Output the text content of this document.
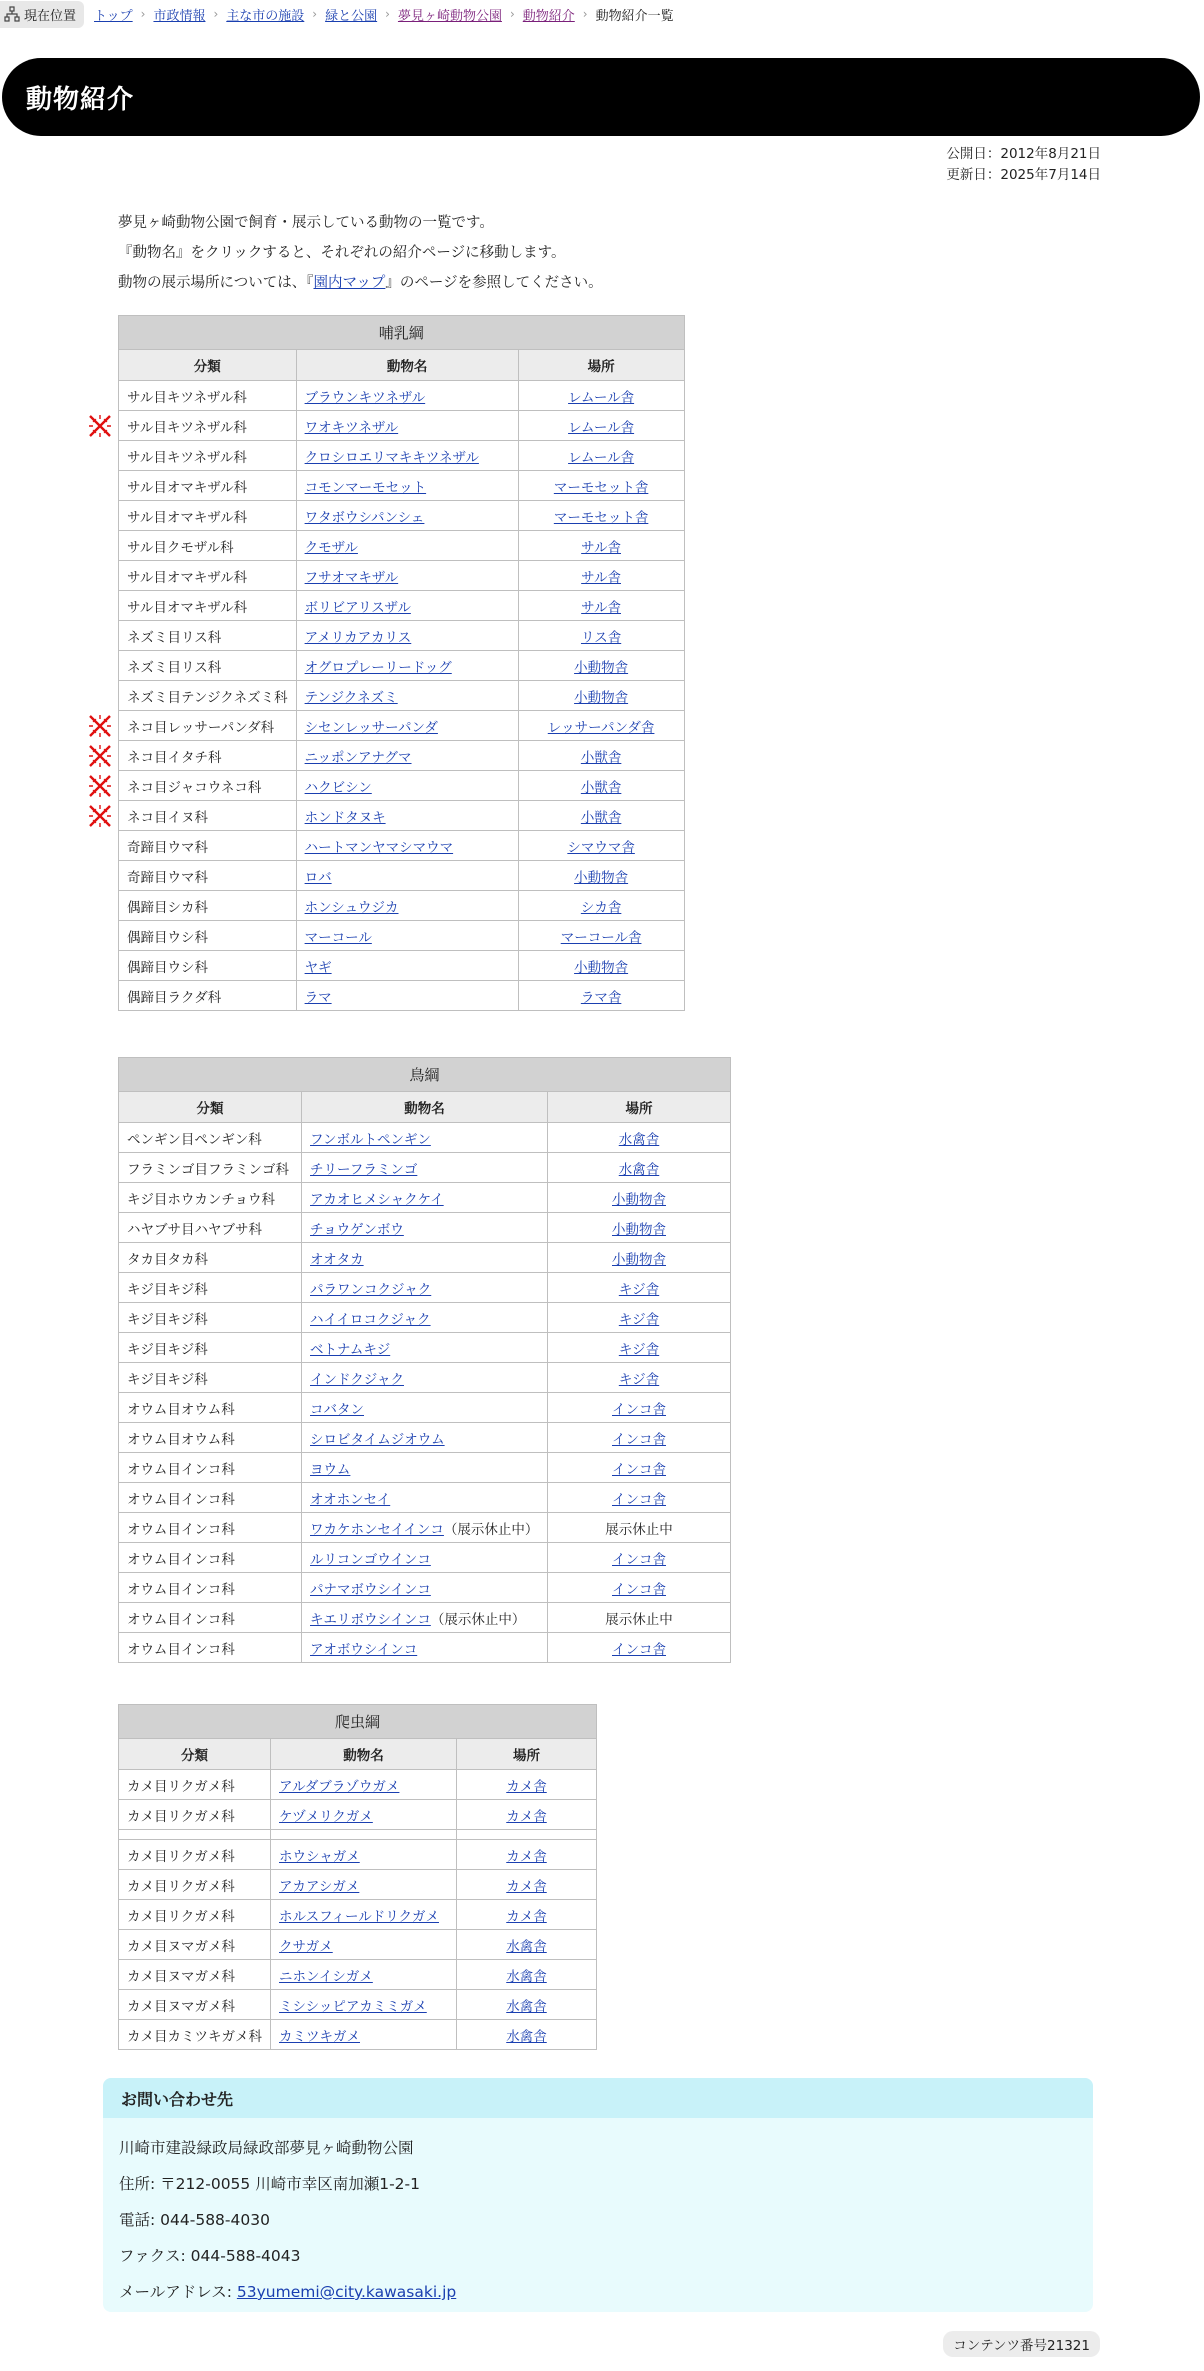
現在位置 トップ › 市政情報 › 主な市の施設 › 緑と公園 › 夢見ヶ崎動物公園 › 動物紹介 › 動物紹介一覧
動物紹介
公開日：2012年8月21日
更新日：2025年7月14日

夢見ヶ崎動物公園で飼育・展示している動物の一覧です。

『動物名』をクリックすると、それぞれの紹介ページに移動します。

動物の展示場所については、『園内マップ』のページを参照してください。

哺乳綱		
分類	動物名	場所
サル目キツネザル科	ブラウンキツネザル	レムール舎
サル目キツネザル科	ワオキツネザル	レムール舎
サル目キツネザル科	クロシロエリマキキツネザル	レムール舎
サル目オマキザル科	コモンマーモセット	マーモセット舎
サル目オマキザル科	ワタボウシパンシェ	マーモセット舎
サル目クモザル科	クモザル	サル舎
サル目オマキザル科	フサオマキザル	サル舎
サル目オマキザル科	ボリビアリスザル	サル舎
ネズミ目リス科	アメリカアカリス	リス舎
ネズミ目リス科	オグロプレーリードッグ	小動物舎
ネズミ目テンジクネズミ科	テンジクネズミ	小動物舎
ネコ目レッサーパンダ科	シセンレッサーパンダ	レッサーパンダ舎
ネコ目イタチ科	ニッポンアナグマ	小獣舎
ネコ目ジャコウネコ科	ハクビシン	小獣舎
ネコ目イヌ科	ホンドタヌキ	小獣舎
奇蹄目ウマ科	ハートマンヤマシマウマ	シマウマ舎
奇蹄目ウマ科	ロバ	小動物舎
偶蹄目シカ科	ホンシュウジカ	シカ舎
偶蹄目ウシ科	マーコール	マーコール舎
偶蹄目ウシ科	ヤギ	小動物舎
偶蹄目ラクダ科	ラマ	ラマ舎
鳥綱		
分類	動物名	場所
ペンギン目ペンギン科	フンボルトペンギン	水禽舎
フラミンゴ目フラミンゴ科	チリーフラミンゴ	水禽舎
キジ目ホウカンチョウ科	アカオヒメシャクケイ	小動物舎
ハヤブサ目ハヤブサ科	チョウゲンボウ	小動物舎
タカ目タカ科	オオタカ	小動物舎
キジ目キジ科	パラワンコクジャク	キジ舎
キジ目キジ科	ハイイロコクジャク	キジ舎
キジ目キジ科	ベトナムキジ	キジ舎
キジ目キジ科	インドクジャク	キジ舎
オウム目オウム科	コバタン	インコ舎
オウム目オウム科	シロビタイムジオウム	インコ舎
オウム目インコ科	ヨウム	インコ舎
オウム目インコ科	オオホンセイ	インコ舎
オウム目インコ科	ワカケホンセイインコ（展示休止中）	展示休止中
オウム目インコ科	ルリコンゴウインコ	インコ舎
オウム目インコ科	パナマボウシインコ	インコ舎
オウム目インコ科	キエリボウシインコ（展示休止中）	展示休止中
オウム目インコ科	アオボウシインコ	インコ舎
爬虫綱		
分類	動物名	場所
カメ目リクガメ科	アルダブラゾウガメ	カメ舎
カメ目リクガメ科	ケヅメリクガメ	カメ舎

カメ目リクガメ科	ホウシャガメ	カメ舎
カメ目リクガメ科	アカアシガメ	カメ舎
カメ目リクガメ科	ホルスフィールドリクガメ	カメ舎
カメ目ヌマガメ科	クサガメ	水禽舎
カメ目ヌマガメ科	ニホンイシガメ	水禽舎
カメ目ヌマガメ科	ミシシッピアカミミガメ	水禽舎
カメ目カミツキガメ科	カミツキガメ	水禽舎
お問い合わせ先

川崎市建設緑政局緑政部夢見ヶ崎動物公園

住所: 〒212-0055 川崎市幸区南加瀬1-2-1

電話: 044-588-4030

ファクス: 044-588-4043

メールアドレス: 53yumemi@city.kawasaki.jp

コンテンツ番号21321
